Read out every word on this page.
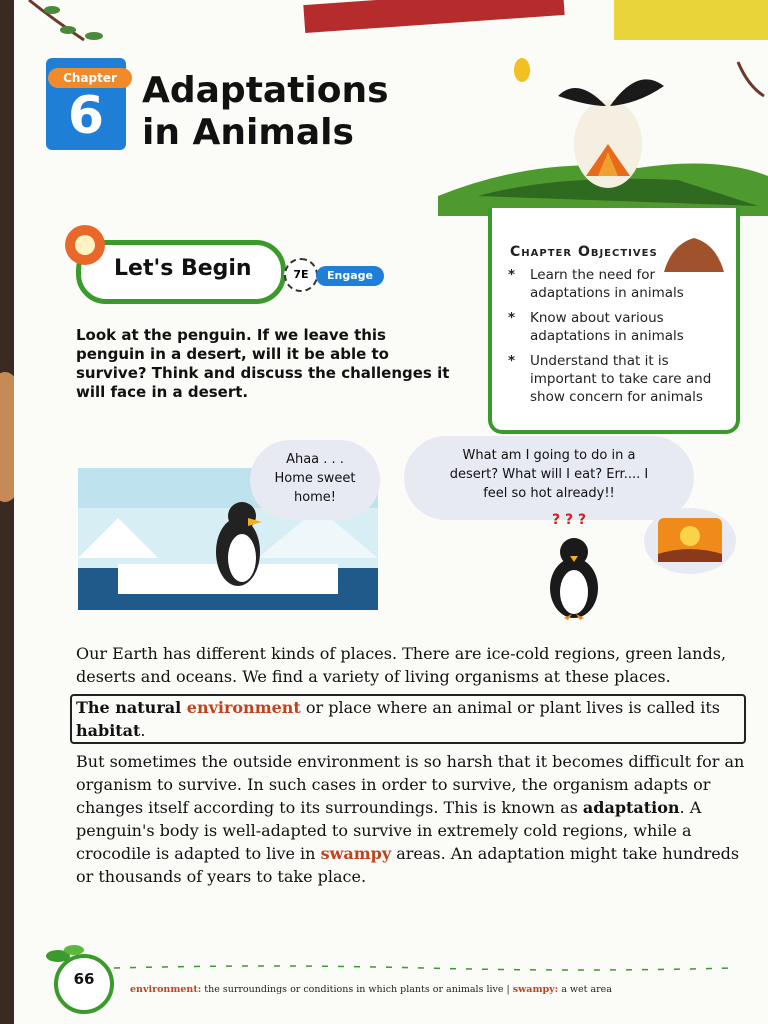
Chapter
6	Adaptations
in Animals
Chapter Objectives
* Learn the need for adaptations in animals
* Know about various adaptations in animals
* Understand that it is important to take care and show concern for animals
Let's Begin	7E	Engage
Look at the penguin. If we leave this penguin in a desert, will it be able to survive? Think and discuss the challenges it will face in a desert.
Ahaa . . .
Home sweet
home!
What am I going to do in a
desert? What will I eat? Err.... I
feel so hot already!!
? ? ?

Our Earth has different kinds of places. There are ice-cold regions, green lands, deserts and oceans. We find a variety of living organisms at these places.

The natural environment or place where an animal or plant lives is called its habitat.

But sometimes the outside environment is so harsh that it becomes difficult for an organism to survive. In such cases in order to survive, the organism adapts or changes itself according to its surroundings. This is known as adaptation. A penguin's body is well-adapted to survive in extremely cold regions, while a crocodile is adapted to live in swampy areas. An adaptation might take hundreds or thousands of years to take place.

66
environment: the surroundings or conditions in which plants or animals live | swampy: a wet area
